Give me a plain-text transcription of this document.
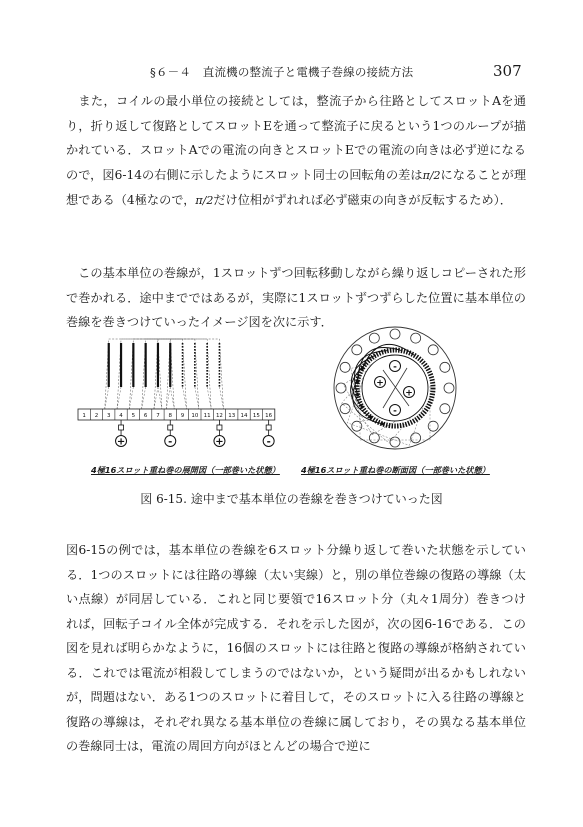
§６－４　直流機の整流子と電機子巻線の接続方法	307
また，コイルの最小単位の接続としては，整流子から往路としてスロットAを通り，折り返して復路としてスロットEを通って整流子に戻るという1つのループが描かれている．スロットAでの電流の向きとスロットEでの電流の向きは必ず逆になるので，図6-14の右側に示したようにスロット同士の回転角の差はπ/2になることが理想である（4極なので，π/2だけ位相がずれれば必ず磁束の向きが反転するため）．
この基本単位の巻線が，1スロットずつ回転移動しながら繰り返しコピーされた形で巻かれる．途中までではあるが，実際に1スロットずつずらした位置に基本単位の巻線を巻きつけていったイメージ図を次に示す．
1 2 3 4 5 6 7 8 9 10 11 12 13 14 15 16
+	-	+	-
-
+
+
-
4極16スロット重ね巻の展開図（一部巻いた状態）	4極16スロット重ね巻の断面図（一部巻いた状態）
図 6-15. 途中まで基本単位の巻線を巻きつけていった図
図6-15の例では，基本単位の巻線を6スロット分繰り返して巻いた状態を示している．1つのスロットには往路の導線（太い実線）と，別の単位巻線の復路の導線（太い点線）が同居している．これと同じ要領で16スロット分（丸々1周分）巻きつければ，回転子コイル全体が完成する．それを示した図が，次の図6-16である．この図を見れば明らかなように，16個のスロットには往路と復路の導線が格納されている．これでは電流が相殺してしまうのではないか，という疑問が出るかもしれないが，問題はない．ある1つのスロットに着目して，そのスロットに入る往路の導線と復路の導線は，それぞれ異なる基本単位の巻線に属しており，その異なる基本単位の巻線同士は，電流の周回方向がほとんどの場合で逆に
